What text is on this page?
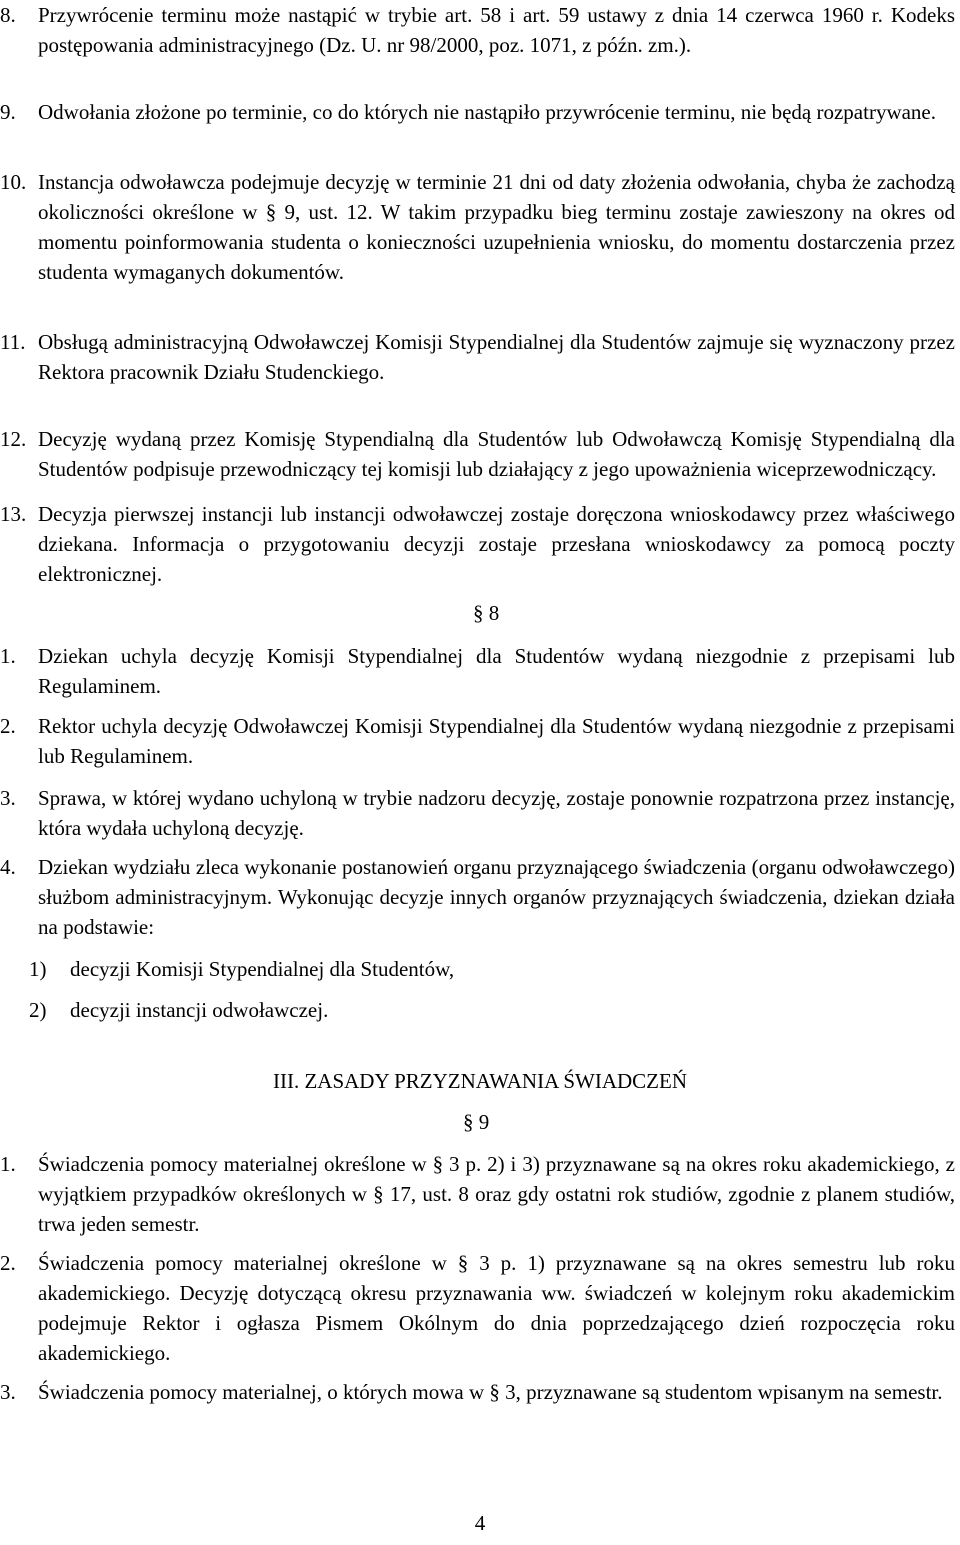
8.	Przywrócenie terminu może nastąpić w trybie art. 58 i art. 59 ustawy z dnia 14 czerwca 1960 r. Kodeks postępowania administracyjnego (Dz. U. nr 98/2000, poz. 1071, z późn. zm.).
9.	Odwołania złożone po terminie, co do których nie nastąpiło przywrócenie terminu, nie będą rozpatrywane.
10. Instancja odwoławcza podejmuje decyzję w terminie 21 dni od daty złożenia odwołania, chyba że zachodzą okoliczności określone w § 9, ust. 12. W takim przypadku bieg terminu zostaje zawieszony na okres od momentu poinformowania studenta o konieczności uzupełnienia wniosku, do momentu dostarczenia przez studenta wymaganych dokumentów.
11. Obsługą administracyjną Odwoławczej Komisji Stypendialnej dla Studentów zajmuje się wyznaczony przez Rektora pracownik Działu Studenckiego.
12. Decyzję wydaną przez Komisję Stypendialną dla Studentów lub Odwoławczą Komisję Stypendialną dla Studentów podpisuje przewodniczący tej komisji lub działający z jego upoważnienia wiceprzewodniczący.
13. Decyzja pierwszej instancji lub instancji odwoławczej zostaje doręczona wnioskodawcy przez właściwego dziekana. Informacja o przygotowaniu decyzji zostaje przesłana wnioskodawcy za pomocą poczty elektronicznej.
§ 8
1.	Dziekan uchyla decyzję Komisji Stypendialnej dla Studentów wydaną niezgodnie z przepisami lub Regulaminem.
2.	Rektor uchyla decyzję Odwoławczej Komisji Stypendialnej dla Studentów wydaną niezgodnie z przepisami lub Regulaminem.
3.	Sprawa, w której wydano uchyloną w trybie nadzoru decyzję, zostaje ponownie rozpatrzona przez instancję, która wydała uchyloną decyzję.
4.	Dziekan wydziału zleca wykonanie postanowień organu przyznającego świadczenia (organu odwoławczego) służbom administracyjnym. Wykonując decyzje innych organów przyznających świadczenia, dziekan działa na podstawie:
1)	decyzji Komisji Stypendialnej dla Studentów,
2)	decyzji instancji odwoławczej.
III. ZASADY PRZYZNAWANIA ŚWIADCZEŃ
§ 9
1.	Świadczenia pomocy materialnej określone w § 3 p. 2) i 3) przyznawane są na okres roku akademickiego, z wyjątkiem przypadków określonych w § 17, ust. 8 oraz gdy ostatni rok studiów, zgodnie z planem studiów, trwa jeden semestr.
2.	Świadczenia pomocy materialnej określone w § 3 p. 1) przyznawane są na okres semestru lub roku akademickiego. Decyzję dotyczącą okresu przyznawania ww. świadczeń w kolejnym roku akademickim podejmuje Rektor i ogłasza Pismem Okólnym do dnia poprzedzającego dzień rozpoczęcia roku akademickiego.
3.	Świadczenia pomocy materialnej, o których mowa w § 3, przyznawane są studentom wpisanym na semestr.
4
